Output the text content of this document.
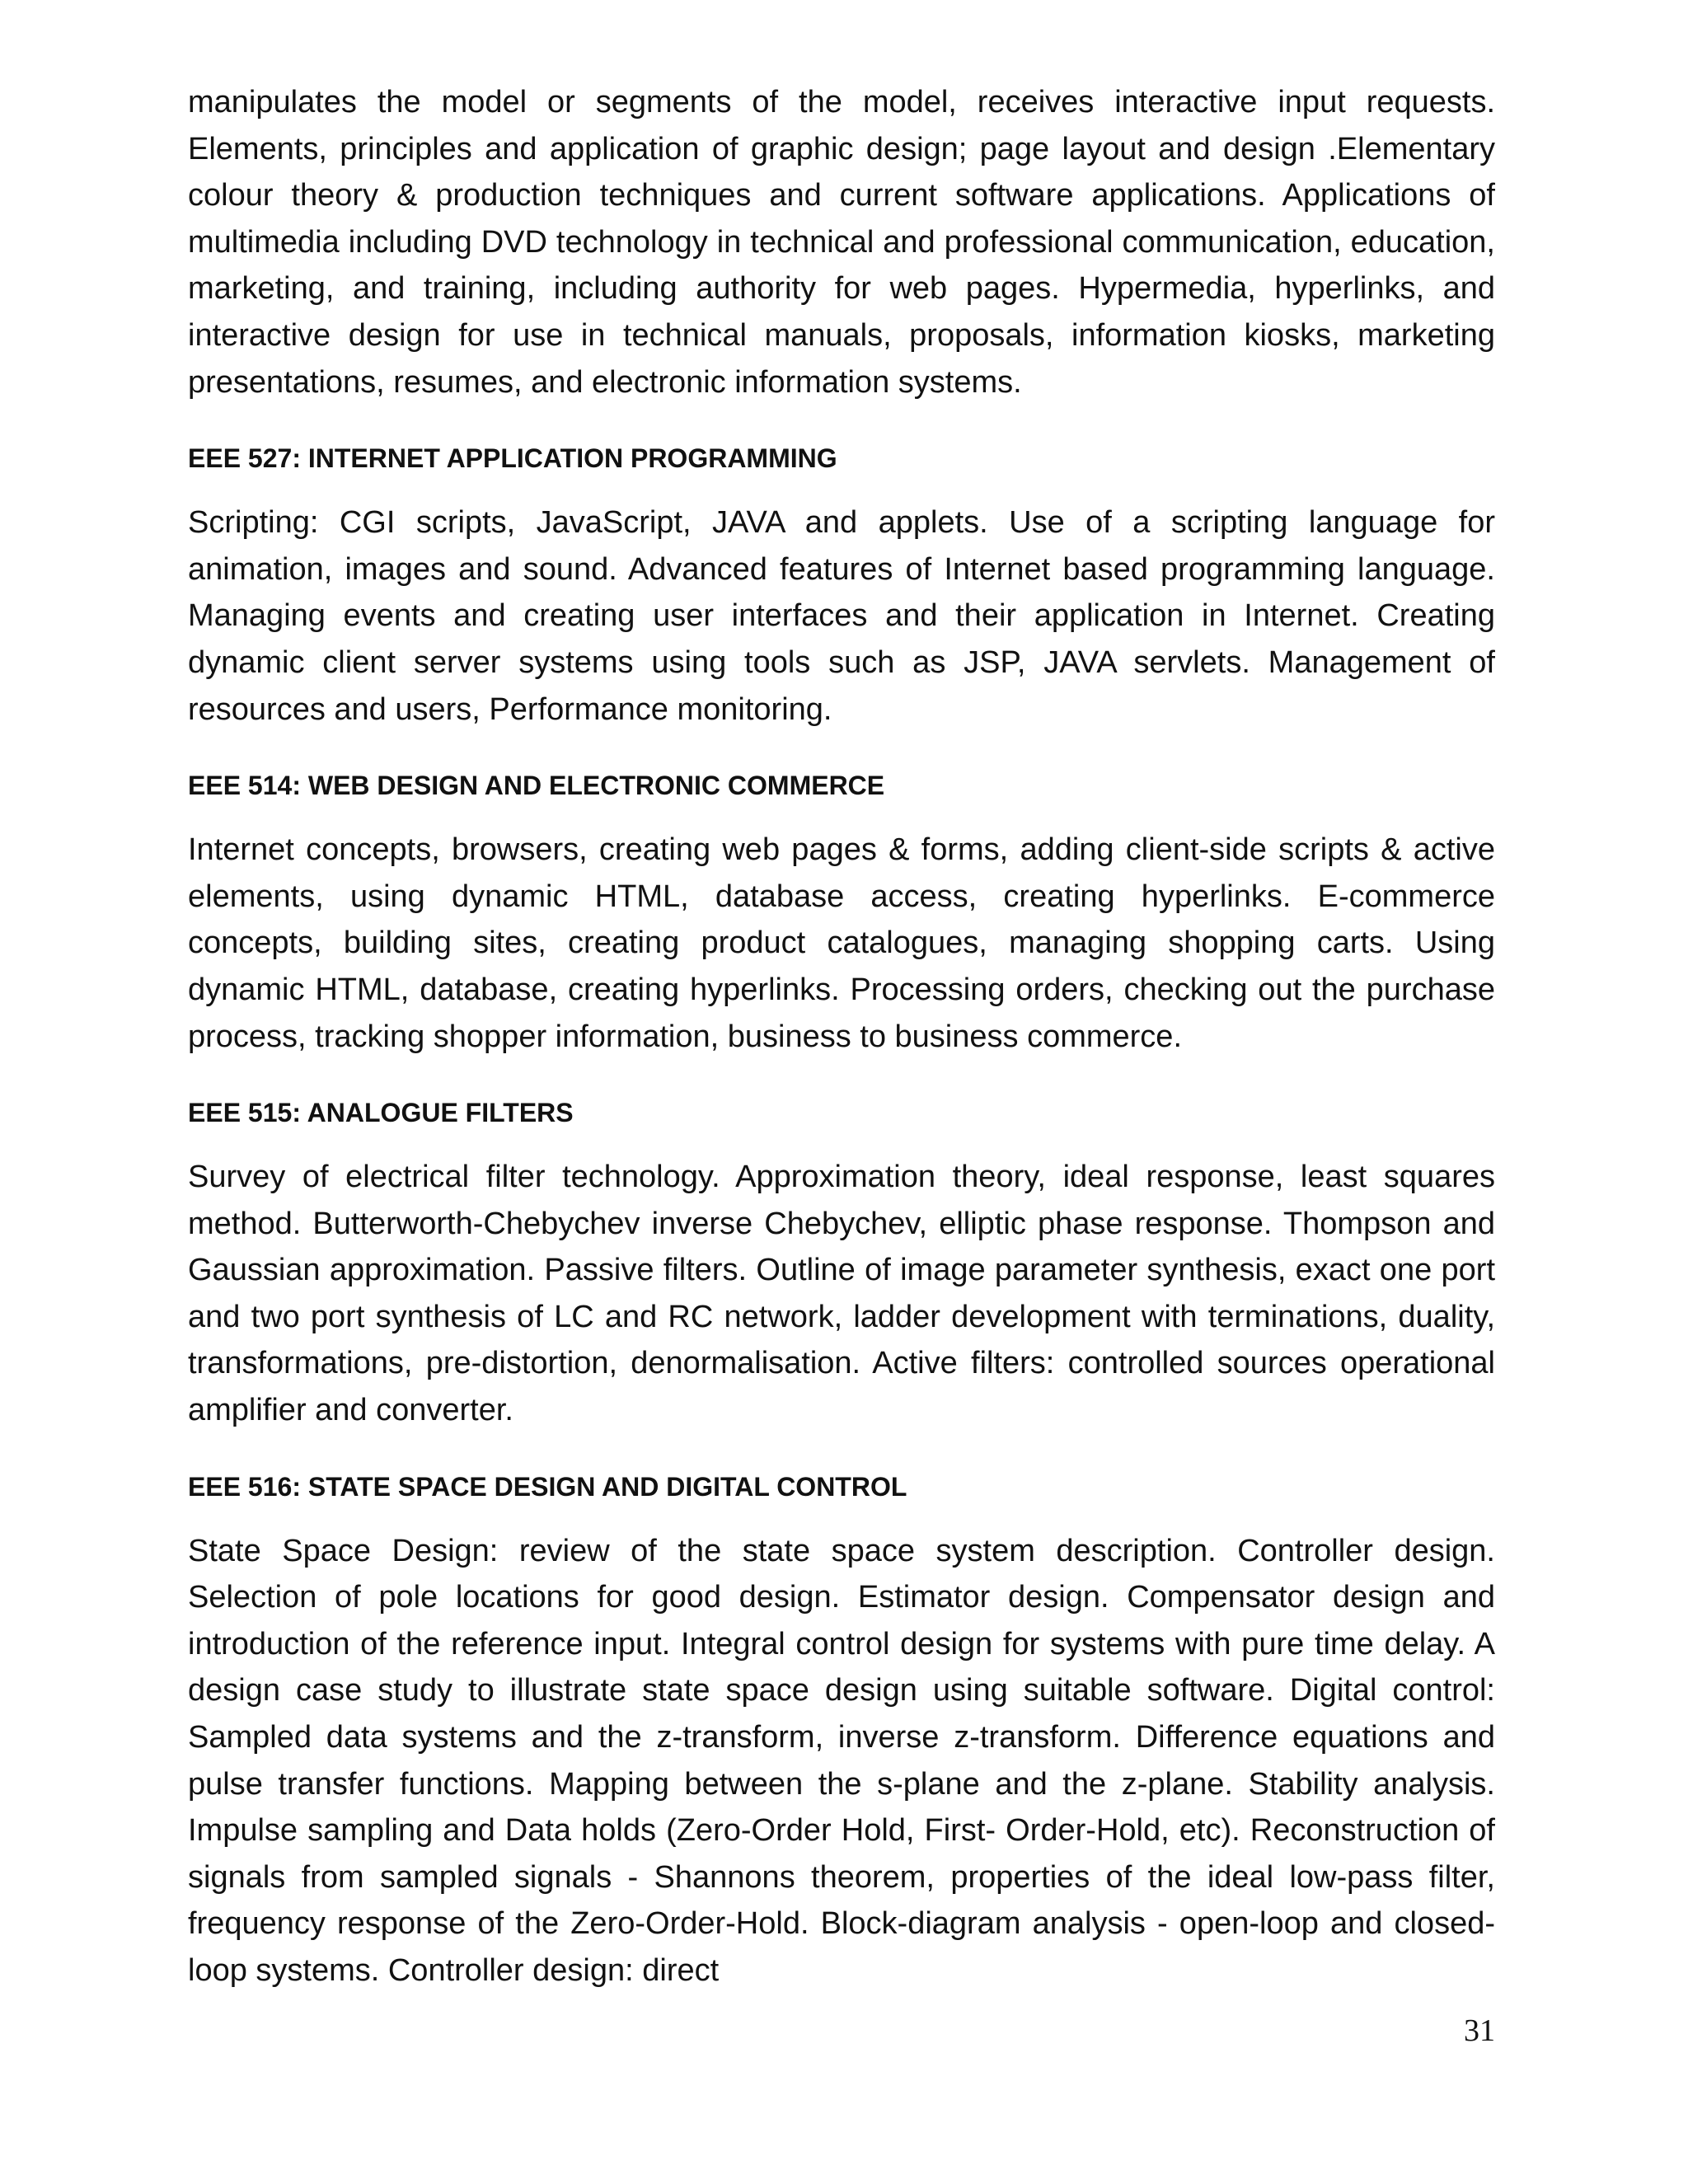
manipulates the model or segments of the model, receives interactive input requests. Elements, principles and application of graphic design; page layout and design .Elementary colour theory & production techniques and current software applications. Applications of multimedia including DVD technology in technical and professional communication, education, marketing, and training, including authority for web pages. Hypermedia, hyperlinks, and interactive design for use in technical manuals, proposals, information kiosks, marketing presentations, resumes, and electronic information systems.

EEE 527: INTERNET APPLICATION PROGRAMMING

Scripting: CGI scripts, JavaScript, JAVA and applets. Use of a scripting language for animation, images and sound. Advanced features of Internet based programming language. Managing events and creating user interfaces and their application in Internet. Creating dynamic client server systems using tools such as JSP, JAVA servlets. Management of resources and users, Performance monitoring.

EEE 514: WEB DESIGN AND ELECTRONIC COMMERCE

Internet concepts, browsers, creating web pages & forms, adding client-side scripts & active elements, using dynamic HTML, database access, creating hyperlinks. E-commerce concepts, building sites, creating product catalogues, managing shopping carts. Using dynamic HTML, database, creating hyperlinks. Processing orders, checking out the purchase process, tracking shopper information, business to business commerce.

EEE 515: ANALOGUE FILTERS

Survey of electrical filter technology. Approximation theory, ideal response, least squares method. Butterworth-Chebychev inverse Chebychev, elliptic phase response. Thompson and Gaussian approximation. Passive filters. Outline of image parameter synthesis, exact one port and two port synthesis of LC and RC network, ladder development with terminations, duality, transformations, pre-distortion, denormalisation. Active filters: controlled sources operational amplifier and converter.

EEE 516: STATE SPACE DESIGN AND DIGITAL CONTROL

State Space Design: review of the state space system description. Controller design. Selection of pole locations for good design. Estimator design. Compensator design and introduction of the reference input. Integral control design for systems with pure time delay. A design case study to illustrate state space design using suitable software. Digital control: Sampled data systems and the z-transform, inverse z-transform. Difference equations and pulse transfer functions. Mapping between the s-plane and the z-plane. Stability analysis. Impulse sampling and Data holds (Zero-Order Hold, First- Order-Hold, etc). Reconstruction of signals from sampled signals - Shannons theorem, properties of the ideal low-pass filter, frequency response of the Zero-Order-Hold. Block-diagram analysis - open-loop and closed-loop systems. Controller design: direct

31
